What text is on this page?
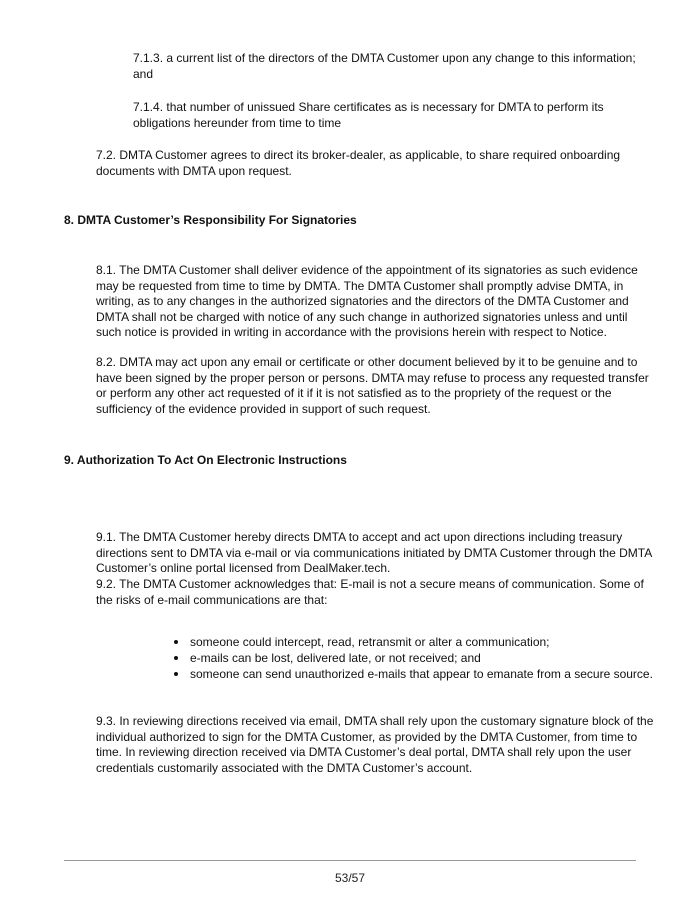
7.1.3. a current list of the directors of the DMTA Customer upon any change to this information;
and

7.1.4. that number of unissued Share certificates as is necessary for DMTA to perform its
obligations hereunder from time to time

7.2. DMTA Customer agrees to direct its broker-dealer, as applicable, to share required onboarding
documents with DMTA upon request.

8. DMTA Customer’s Responsibility For Signatories

8.1. The DMTA Customer shall deliver evidence of the appointment of its signatories as such evidence
may be requested from time to time by DMTA. The DMTA Customer shall promptly advise DMTA, in
writing, as to any changes in the authorized signatories and the directors of the DMTA Customer and
DMTA shall not be charged with notice of any such change in authorized signatories unless and until
such notice is provided in writing in accordance with the provisions herein with respect to Notice.

8.2. DMTA may act upon any email or certificate or other document believed by it to be genuine and to
have been signed by the proper person or persons. DMTA may refuse to process any requested transfer
or perform any other act requested of it if it is not satisfied as to the propriety of the request or the
sufficiency of the evidence provided in support of such request.

9. Authorization To Act On Electronic Instructions

9.1. The DMTA Customer hereby directs DMTA to accept and act upon directions including treasury
directions sent to DMTA via e-mail or via communications initiated by DMTA Customer through the DMTA
Customer’s online portal licensed from DealMaker.tech.

9.2. The DMTA Customer acknowledges that: E-mail is not a secure means of communication. Some of
the risks of e-mail communications are that:

someone could intercept, read, retransmit or alter a communication;
e-mails can be lost, delivered late, or not received; and
someone can send unauthorized e-mails that appear to emanate from a secure source.

9.3. In reviewing directions received via email, DMTA shall rely upon the customary signature block of the
individual authorized to sign for the DMTA Customer, as provided by the DMTA Customer, from time to
time. In reviewing direction received via DMTA Customer’s deal portal, DMTA shall rely upon the user
credentials customarily associated with the DMTA Customer’s account.

53/57
